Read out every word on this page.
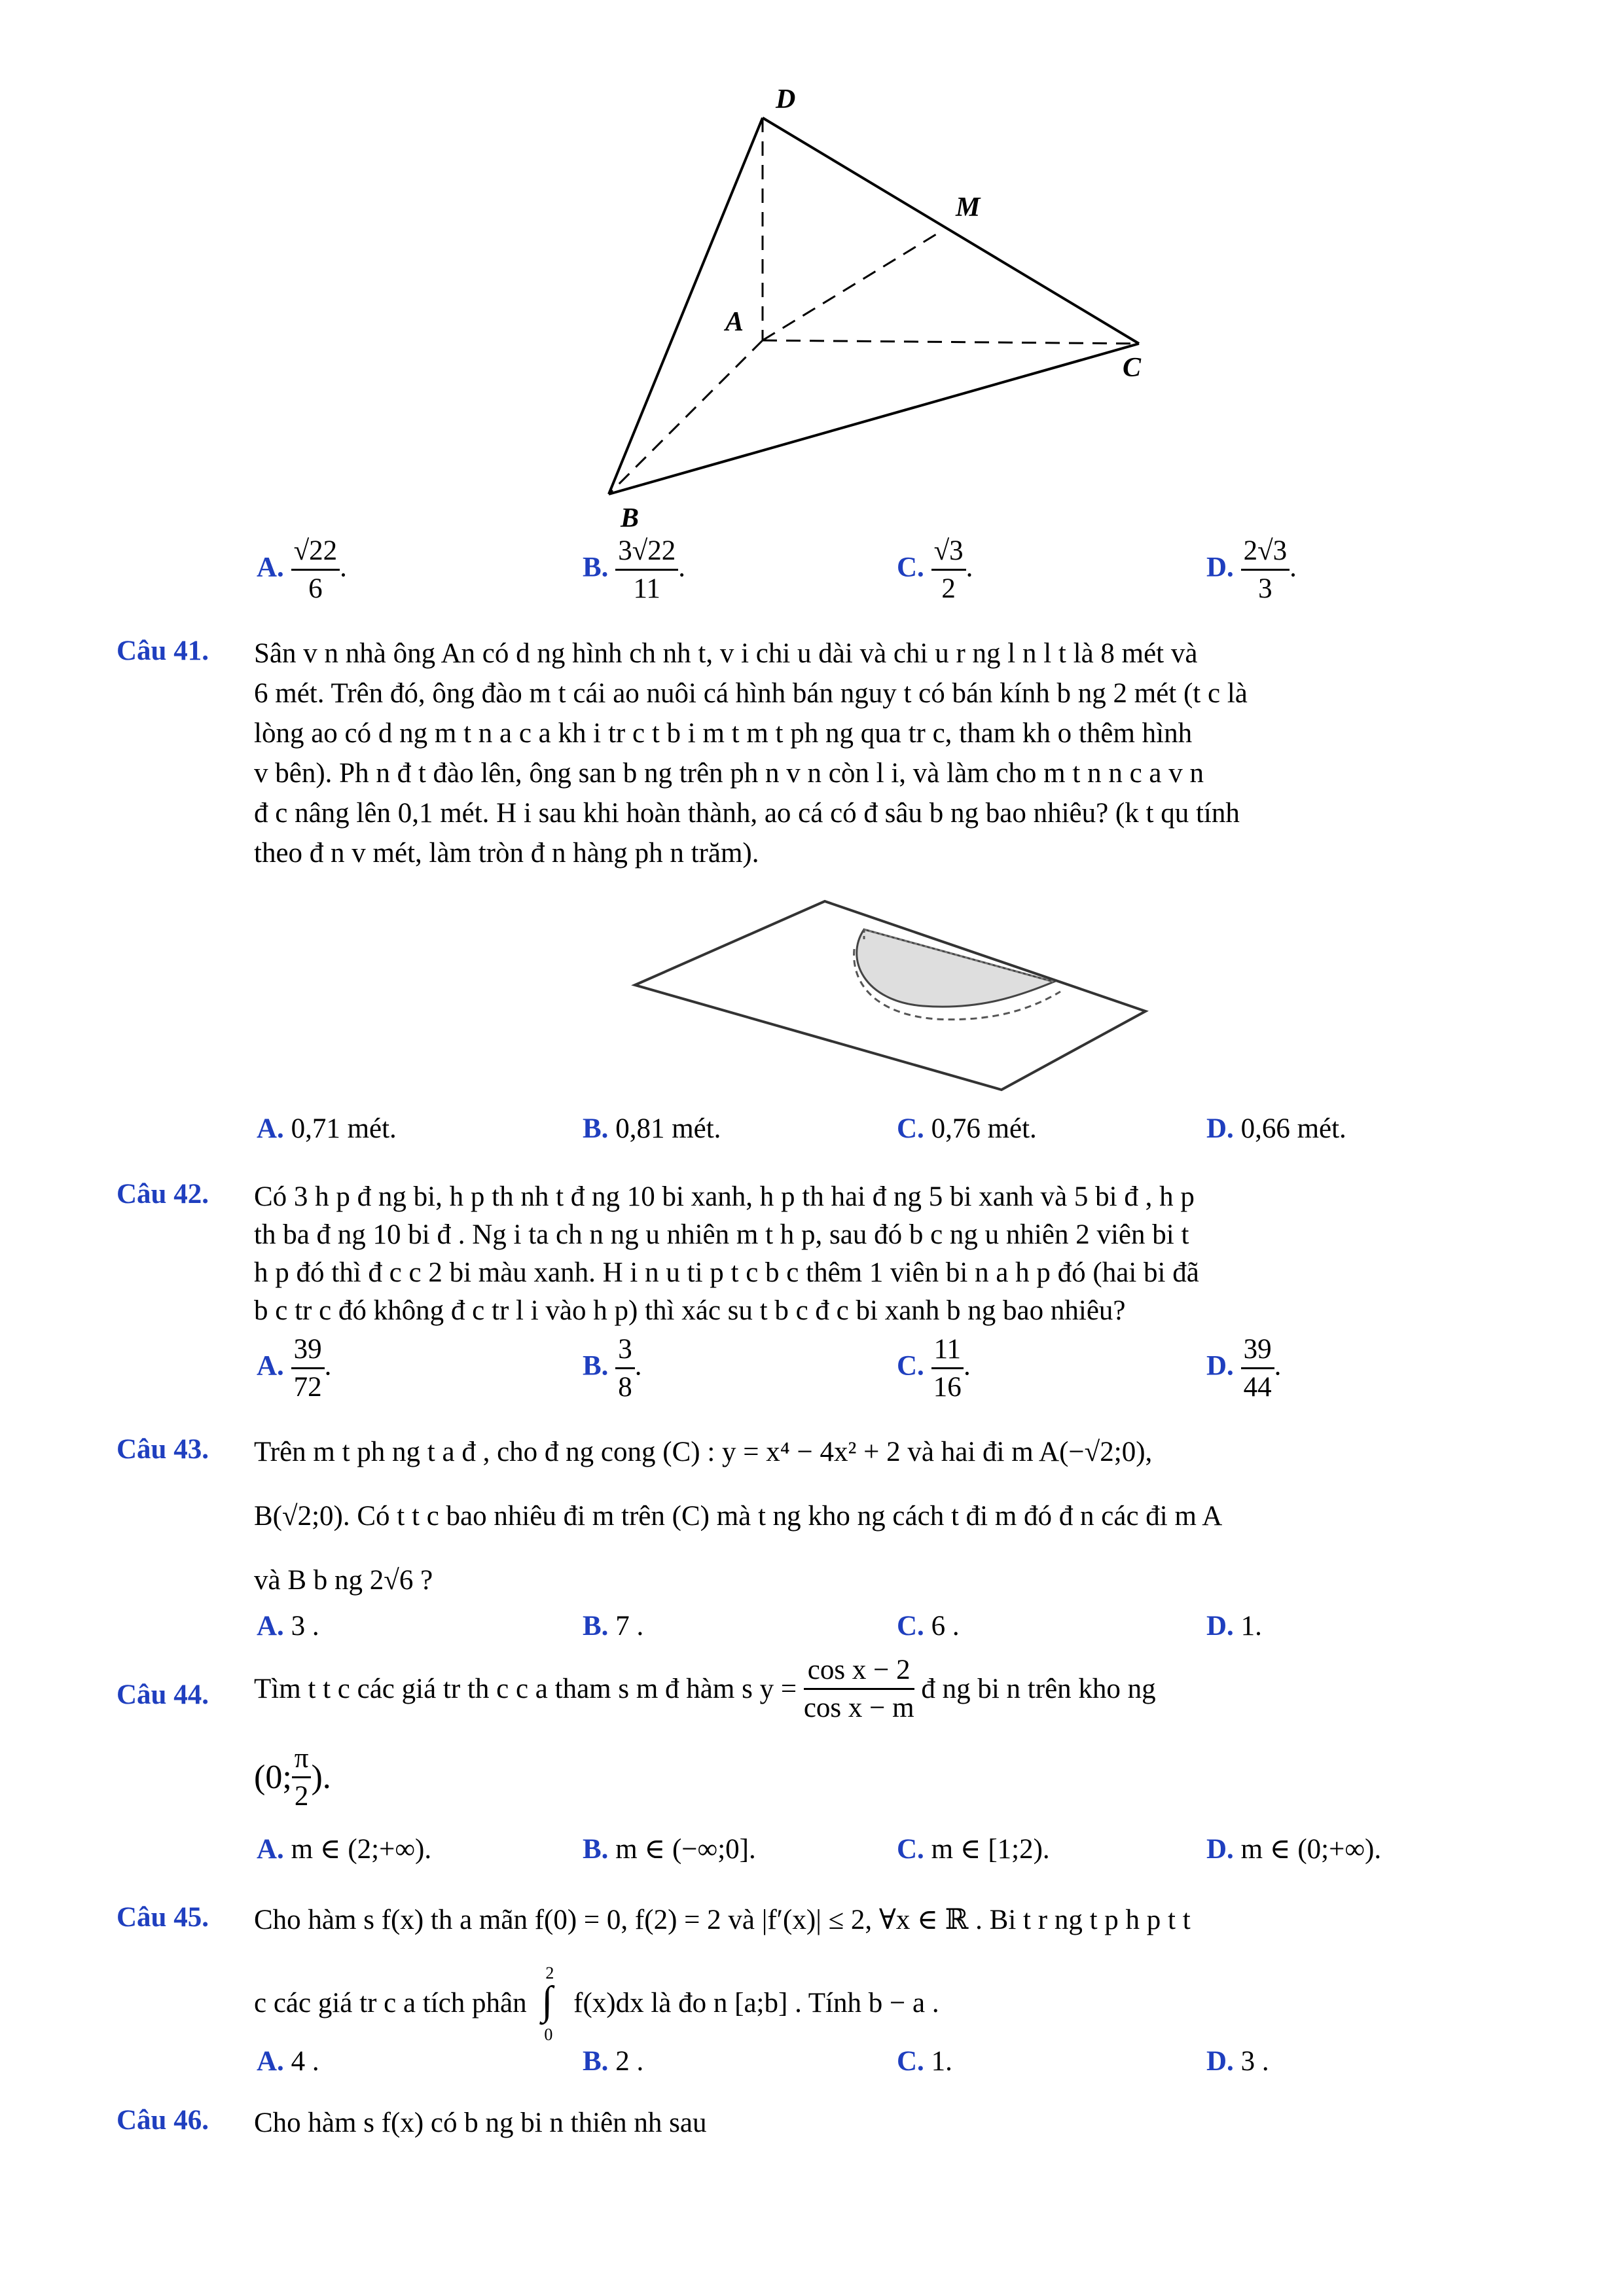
D
M
A
C
B
A. $\frac{√22}{6}$ .	B. $\frac{3√22}{11}$ .	C. $\frac{√3}{2}$ .	D. $\frac{2√3}{3}$ .
Câu 41. Sân v n nhà ông An có d ng hình ch nh t, v i chi u dài và chi u r ng l n l t là 8 mét và
6 mét. Trên đó, ông đào m t cái ao nuôi cá hình bán nguy t có bán kính b ng 2 mét (t c là
lòng ao có d ng m t n a c a kh i tr c t b i m t m t ph ng qua tr c, tham kh o thêm hình
v bên). Ph n đ t đào lên, ông san b ng trên ph n v n còn l i, và làm cho m t n n c a v n
đ c nâng lên 0,1 mét. H i sau khi hoàn thành, ao cá có đ sâu b ng bao nhiêu? (k t qu tính
theo đ n v mét, làm tròn đ n hàng ph n trăm).
A. 0,71 mét.	B. 0,81 mét.	C. 0,76 mét.	D. 0,66 mét.
Câu 42. Có 3 h p đ ng bi, h p th nh t đ ng 10 bi xanh, h p th hai đ ng 5 bi xanh và 5 bi đ , h p
th ba đ ng 10 bi đ . Ng i ta ch n ng u nhiên m t h p, sau đó b c ng u nhiên 2 viên bi t
h p đó thì đ c c 2 bi màu xanh. H i n u ti p t c b c thêm 1 viên bi n a h p đó (hai bi đã
b c tr c đó không đ c tr l i vào h p) thì xác su t b c đ c bi xanh b ng bao nhiêu?
A. $\frac{39}{72}$ .	B. $\frac{3}{8}$ .	C. $\frac{11}{16}$ .	D. $\frac{39}{44}$ .
Câu 43. Trên m t ph ng t a đ , cho đ ng cong (C) : y = x⁴ − 4x² + 2 và hai đi m A(−√2;0),
B(√2;0). Có t t c bao nhiêu đi m trên (C) mà t ng kho ng cách t đi m đó đ n các đi m A
và B b ng 2√6 ?
A. 3 .	B. 7 .	C. 6 .	D. 1.
Câu 44. Tìm t t c các giá tr th c c a tham s m đ hàm s $y = \frac{\text{cos x − 2}}{\text{cos x − m}}$ đ ng bi n trên kho ng
(0; $\frac{\pi}{2}$ ).
A. m ∈ (2;+∞).	B. m ∈ (−∞;0].	C. m ∈ [1;2).	D. m ∈ (0;+∞).
Câu 45. Cho hàm s f(x) th a mãn f(0) = 0, f(2) = 2 và |f′(x)| ≤ 2, ∀x ∈ ℝ . Bi t r ng t p h p t t
c các giá tr c a tích phân
2
∫
0
f(x)dx là đo n [a;b] . Tính b − a .
A. 4 .	B. 2 .	C. 1.	D. 3 .
Câu 46. Cho hàm s f(x) có b ng bi n thiên nh sau
